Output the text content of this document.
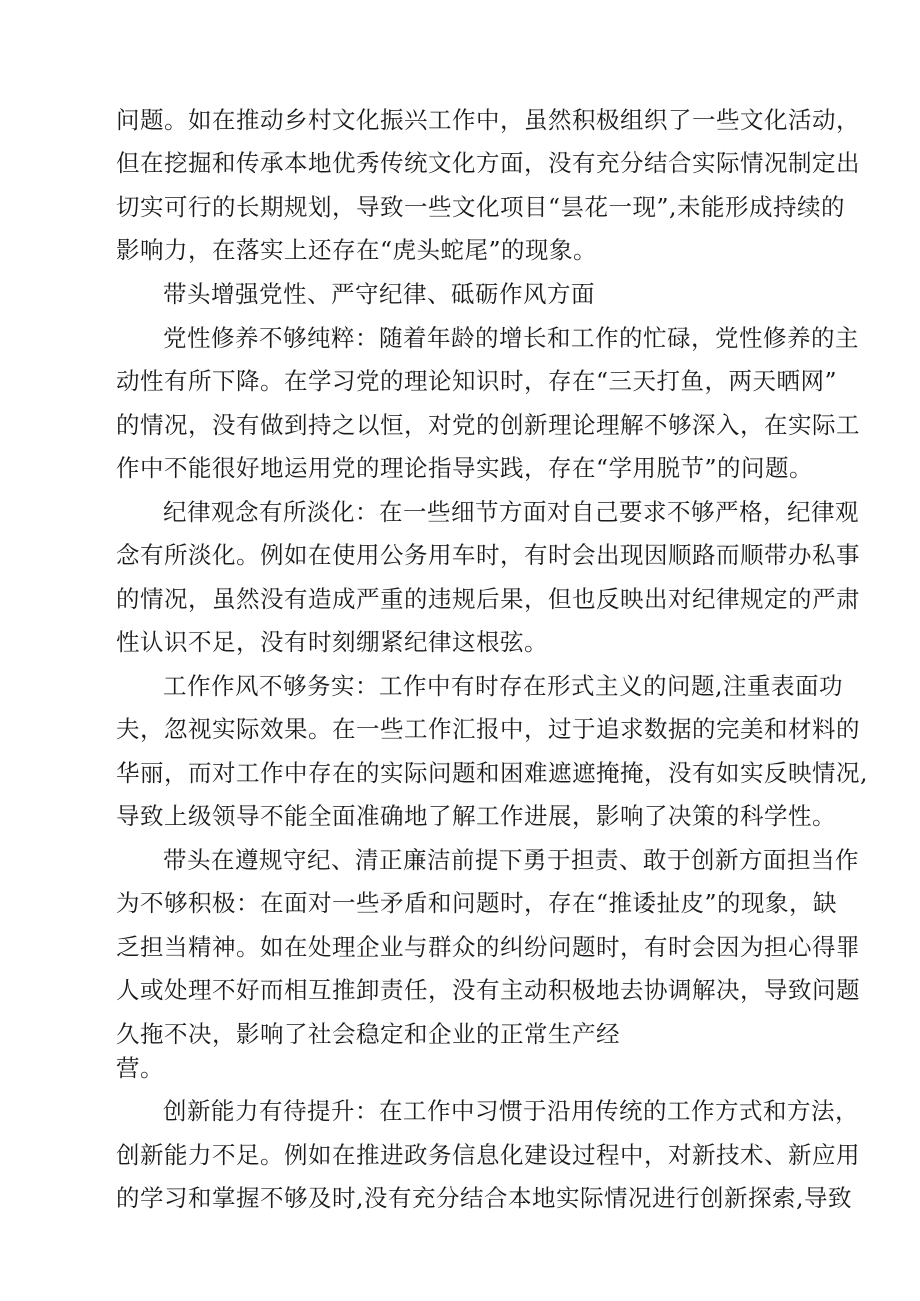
问题。如在推动乡村文化振兴工作中，虽然积极组织了一些文化活动，
但在挖掘和传承本地优秀传统文化方面，没有充分结合实际情况制定出
切实可行的长期规划，导致一些文化项目“昙花一现”,未能形成持续的
影响力，在落实上还存在“虎头蛇尾”的现象。
带头增强党性、严守纪律、砥砺作风方面
党性修养不够纯粹：随着年龄的增长和工作的忙碌，党性修养的主
动性有所下降。在学习党的理论知识时，存在“三天打鱼，两天晒网”
的情况，没有做到持之以恒，对党的创新理论理解不够深入，在实际工
作中不能很好地运用党的理论指导实践，存在“学用脱节”的问题。
纪律观念有所淡化：在一些细节方面对自己要求不够严格，纪律观
念有所淡化。例如在使用公务用车时，有时会出现因顺路而顺带办私事
的情况，虽然没有造成严重的违规后果，但也反映出对纪律规定的严肃
性认识不足，没有时刻绷紧纪律这根弦。
工作作风不够务实：工作中有时存在形式主义的问题,注重表面功
夫，忽视实际效果。在一些工作汇报中，过于追求数据的完美和材料的
华丽，而对工作中存在的实际问题和困难遮遮掩掩，没有如实反映情况,
导致上级领导不能全面准确地了解工作进展，影响了决策的科学性。
带头在遵规守纪、清正廉洁前提下勇于担责、敢于创新方面担当作
为不够积极：在面对一些矛盾和问题时，存在“推诿扯皮”的现象，缺
乏担当精神。如在处理企业与群众的纠纷问题时，有时会因为担心得罪
人或处理不好而相互推卸责任，没有主动积极地去协调解决，导致问题
久拖不决，影响了社会稳定和企业的正常生产经
营。
创新能力有待提升：在工作中习惯于沿用传统的工作方式和方法，
创新能力不足。例如在推进政务信息化建设过程中，对新技术、新应用
的学习和掌握不够及时,没有充分结合本地实际情况进行创新探索,导致
